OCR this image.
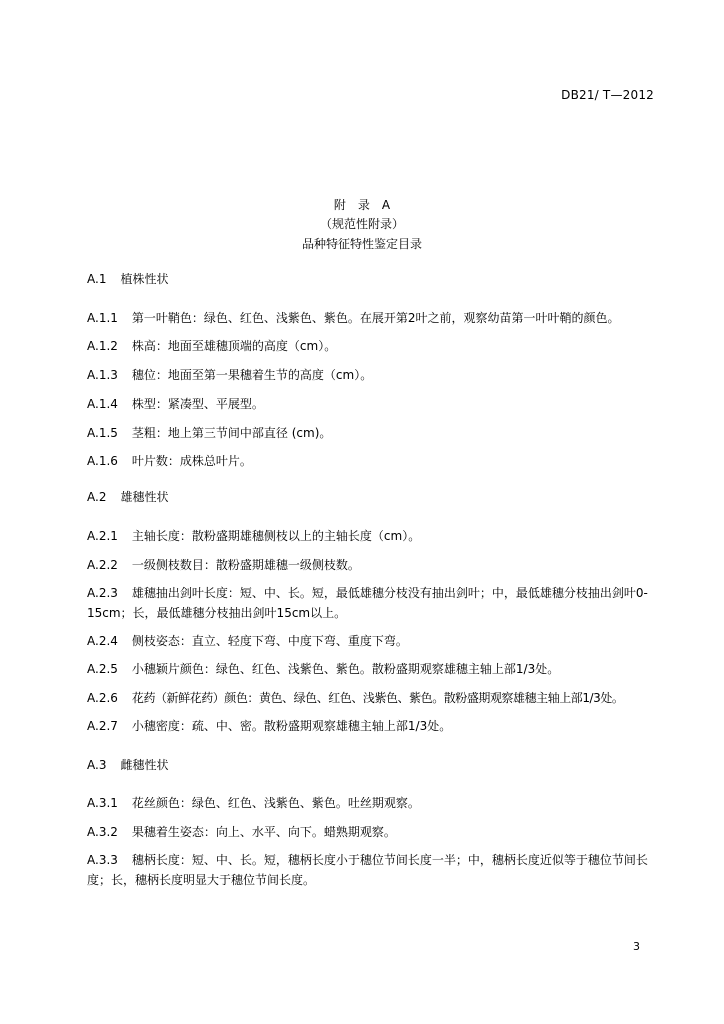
DB21/ T—2012
附　录　A
（规范性附录）
品种特征特性鉴定目录
A.1 植株性状
A.1.1 第一叶鞘色：绿色、红色、浅紫色、紫色。在展开第2叶之前，观察幼苗第一叶叶鞘的颜色。
A.1.2 株高：地面至雄穗顶端的高度（cm）。
A.1.3 穗位：地面至第一果穗着生节的高度（cm）。
A.1.4 株型：紧凑型、平展型。
A.1.5 茎粗：地上第三节间中部直径 (cm)。
A.1.6 叶片数：成株总叶片。
A.2 雄穗性状
A.2.1 主轴长度：散粉盛期雄穗侧枝以上的主轴长度（cm）。
A.2.2 一级侧枝数目：散粉盛期雄穗一级侧枝数。
A.2.3 雄穗抽出剑叶长度：短、中、长。短，最低雄穗分枝没有抽出剑叶；中，最低雄穗分枝抽出剑叶0-15cm；长，最低雄穗分枝抽出剑叶15cm以上。
A.2.4 侧枝姿态：直立、轻度下弯、中度下弯、重度下弯。
A.2.5 小穗颖片颜色：绿色、红色、浅紫色、紫色。散粉盛期观察雄穗主轴上部1/3处。
A.2.6 花药（新鲜花药）颜色：黄色、绿色、红色、浅紫色、紫色。散粉盛期观察雄穗主轴上部1/3处。
A.2.7 小穗密度：疏、中、密。散粉盛期观察雄穗主轴上部1/3处。
A.3 雌穗性状
A.3.1 花丝颜色：绿色、红色、浅紫色、紫色。吐丝期观察。
A.3.2 果穗着生姿态：向上、水平、向下。蜡熟期观察。
A.3.3 穗柄长度：短、中、长。短，穗柄长度小于穗位节间长度一半；中，穗柄长度近似等于穗位节间长度；长，穗柄长度明显大于穗位节间长度。
3
